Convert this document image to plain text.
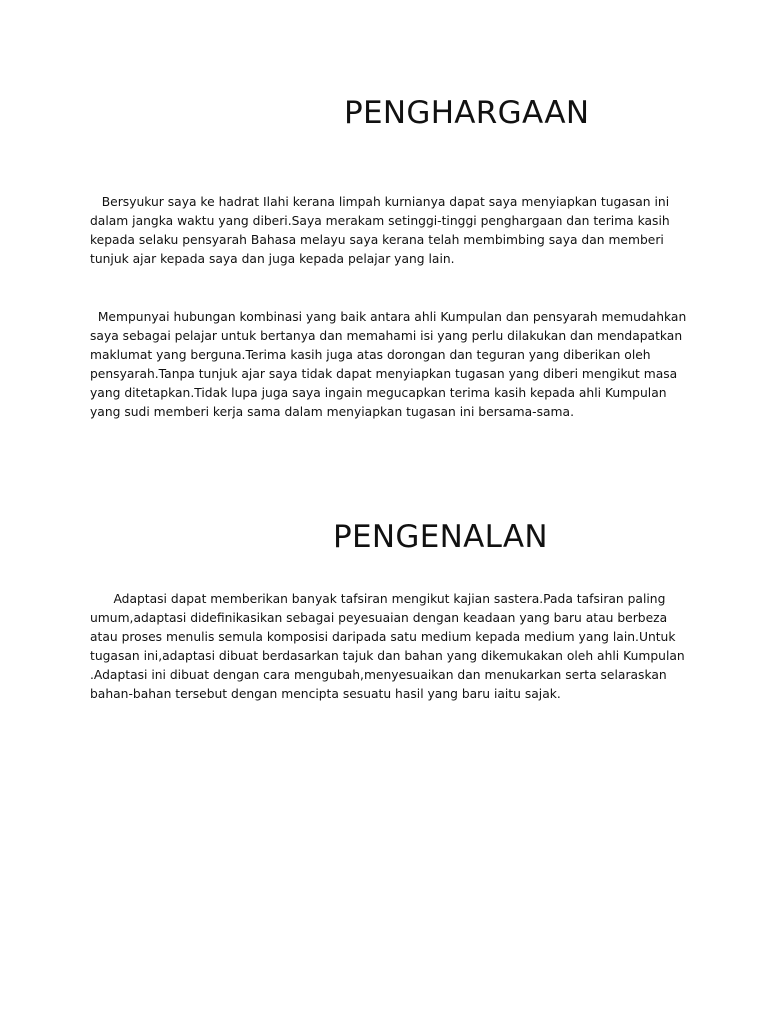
PENGHARGAAN

Bersyukur saya ke hadrat Ilahi kerana limpah kurnianya dapat saya menyiapkan tugasan ini dalam jangka waktu yang diberi.Saya merakam setinggi-tinggi penghargaan dan terima kasih kepada selaku pensyarah Bahasa melayu saya kerana telah membimbing saya dan memberi tunjuk ajar kepada saya dan juga kepada pelajar yang lain.

Mempunyai hubungan kombinasi yang baik antara ahli Kumpulan dan pensyarah memudahkan saya sebagai pelajar untuk bertanya dan memahami isi yang perlu dilakukan dan mendapatkan maklumat yang berguna.Terima kasih juga atas dorongan dan teguran yang diberikan oleh pensyarah.Tanpa tunjuk ajar saya tidak dapat menyiapkan tugasan yang diberi mengikut masa yang ditetapkan.Tidak lupa juga saya ingain megucapkan terima kasih kepada ahli Kumpulan yang sudi memberi kerja sama dalam menyiapkan tugasan ini bersama-sama.

PENGENALAN

Adaptasi dapat memberikan banyak tafsiran mengikut kajian sastera.Pada tafsiran paling umum,adaptasi didefinikasikan sebagai peyesuaian dengan keadaan yang baru atau berbeza atau proses menulis semula komposisi daripada satu medium kepada medium yang lain.Untuk tugasan ini,adaptasi dibuat berdasarkan tajuk dan bahan yang dikemukakan oleh ahli Kumpulan .Adaptasi ini dibuat dengan cara mengubah,menyesuaikan dan menukarkan serta selaraskan bahan-bahan tersebut dengan mencipta sesuatu hasil yang baru iaitu sajak.
